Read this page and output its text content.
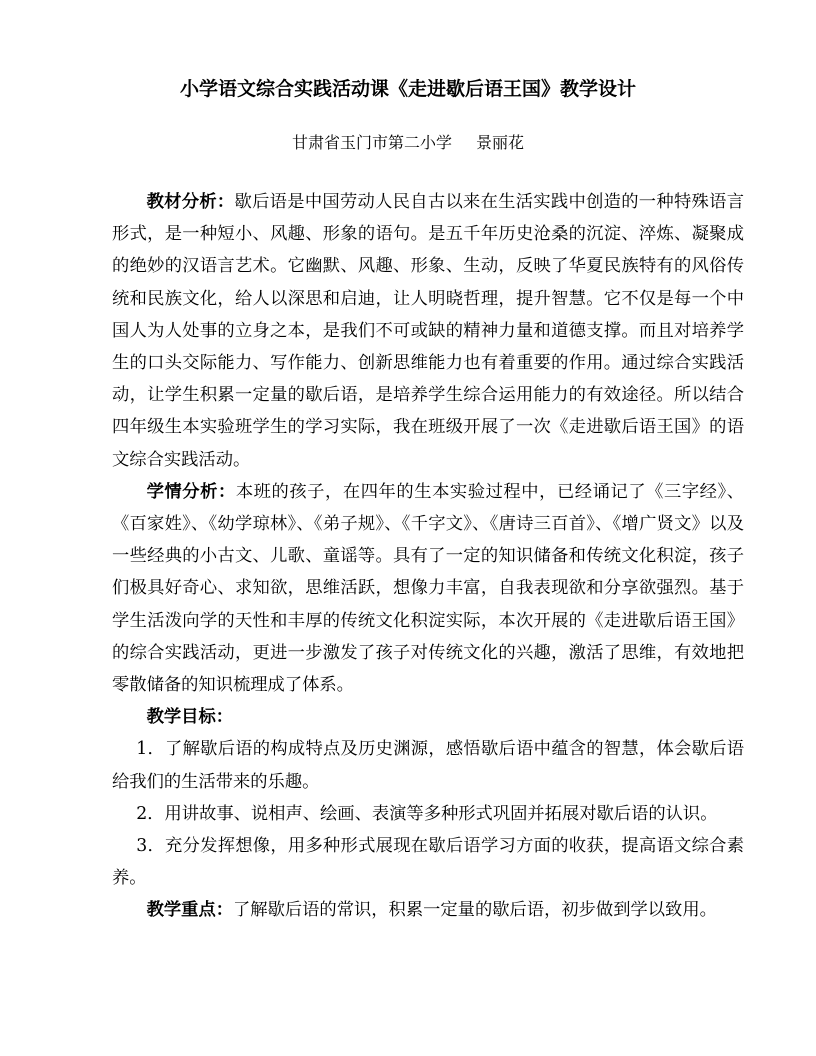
小学语文综合实践活动课《走进歇后语王国》教学设计
甘肃省玉门市第二小学 景丽花

教材分析：歇后语是中国劳动人民自古以来在生活实践中创造的一种特殊语言形式，是一种短小、风趣、形象的语句。是五千年历史沧桑的沉淀、淬炼、凝聚成的绝妙的汉语言艺术。它幽默、风趣、形象、生动，反映了华夏民族特有的风俗传统和民族文化，给人以深思和启迪，让人明晓哲理，提升智慧。它不仅是每一个中国人为人处事的立身之本，是我们不可或缺的精神力量和道德支撑。而且对培养学生的口头交际能力、写作能力、创新思维能力也有着重要的作用。通过综合实践活动，让学生积累一定量的歇后语，是培养学生综合运用能力的有效途径。所以结合四年级生本实验班学生的学习实际，我在班级开展了一次《走进歇后语王国》的语文综合实践活动。

学情分析：本班的孩子，在四年的生本实验过程中，已经诵记了《三字经》、《百家姓》、《幼学琼林》、《弟子规》、《千字文》、《唐诗三百首》、《增广贤文》以及一些经典的小古文、儿歌、童谣等。具有了一定的知识储备和传统文化积淀，孩子们极具好奇心、求知欲，思维活跃，想像力丰富，自我表现欲和分享欲强烈。基于学生活泼向学的天性和丰厚的传统文化积淀实际，本次开展的《走进歇后语王国》的综合实践活动，更进一步激发了孩子对传统文化的兴趣，激活了思维，有效地把零散储备的知识梳理成了体系。

教学目标：

1．了解歇后语的构成特点及历史渊源，感悟歇后语中蕴含的智慧，体会歇后语给我们的生活带来的乐趣。

2．用讲故事、说相声、绘画、表演等多种形式巩固并拓展对歇后语的认识。

3．充分发挥想像，用多种形式展现在歇后语学习方面的收获，提高语文综合素养。

教学重点：了解歇后语的常识，积累一定量的歇后语，初步做到学以致用。
